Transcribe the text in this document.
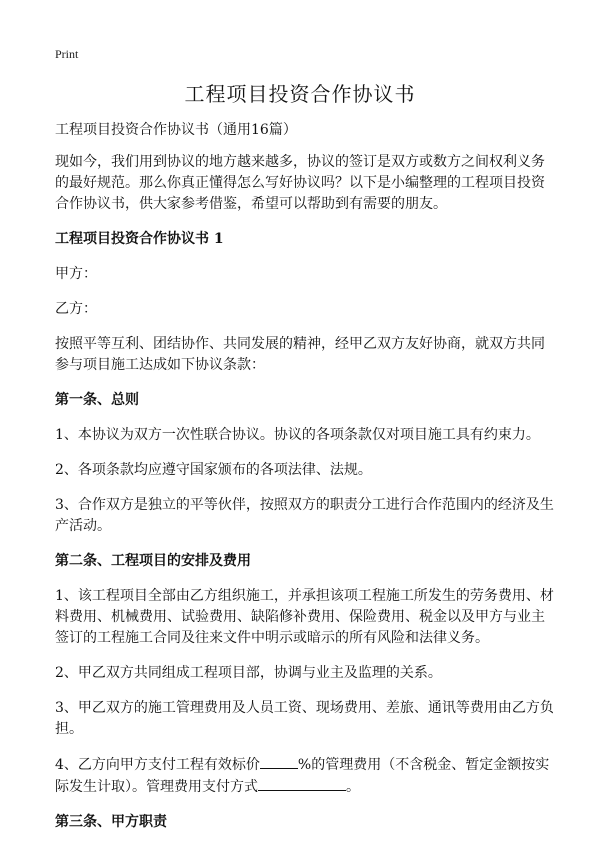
Print
工程项目投资合作协议书

工程项目投资合作协议书（通用16篇）

现如今，我们用到协议的地方越来越多，协议的签订是双方或数方之间权利义务的最好规范。那么你真正懂得怎么写好协议吗？以下是小编整理的工程项目投资合作协议书，供大家参考借鉴，希望可以帮助到有需要的朋友。

工程项目投资合作协议书 1

甲方：

乙方：

按照平等互利、团结协作、共同发展的精神，经甲乙双方友好协商，就双方共同参与项目施工达成如下协议条款：

第一条、总则

1、本协议为双方一次性联合协议。协议的各项条款仅对项目施工具有约束力。

2、各项条款均应遵守国家颁布的各项法律、法规。

3、合作双方是独立的平等伙伴，按照双方的职责分工进行合作范围内的经济及生产活动。

第二条、工程项目的安排及费用

1、该工程项目全部由乙方组织施工，并承担该项工程施工所发生的劳务费用、材料费用、机械费用、试验费用、缺陷修补费用、保险费用、税金以及甲方与业主签订的工程施工合同及往来文件中明示或暗示的所有风险和法律义务。

2、甲乙双方共同组成工程项目部，协调与业主及监理的关系。

3、甲乙双方的施工管理费用及人员工资、现场费用、差旅、通讯等费用由乙方负担。

4、乙方向甲方支付工程有效标价	%的管理费用（不含税金、暂定金额按实际发生计取）。管理费用支付方式	。

第三条、甲方职责
